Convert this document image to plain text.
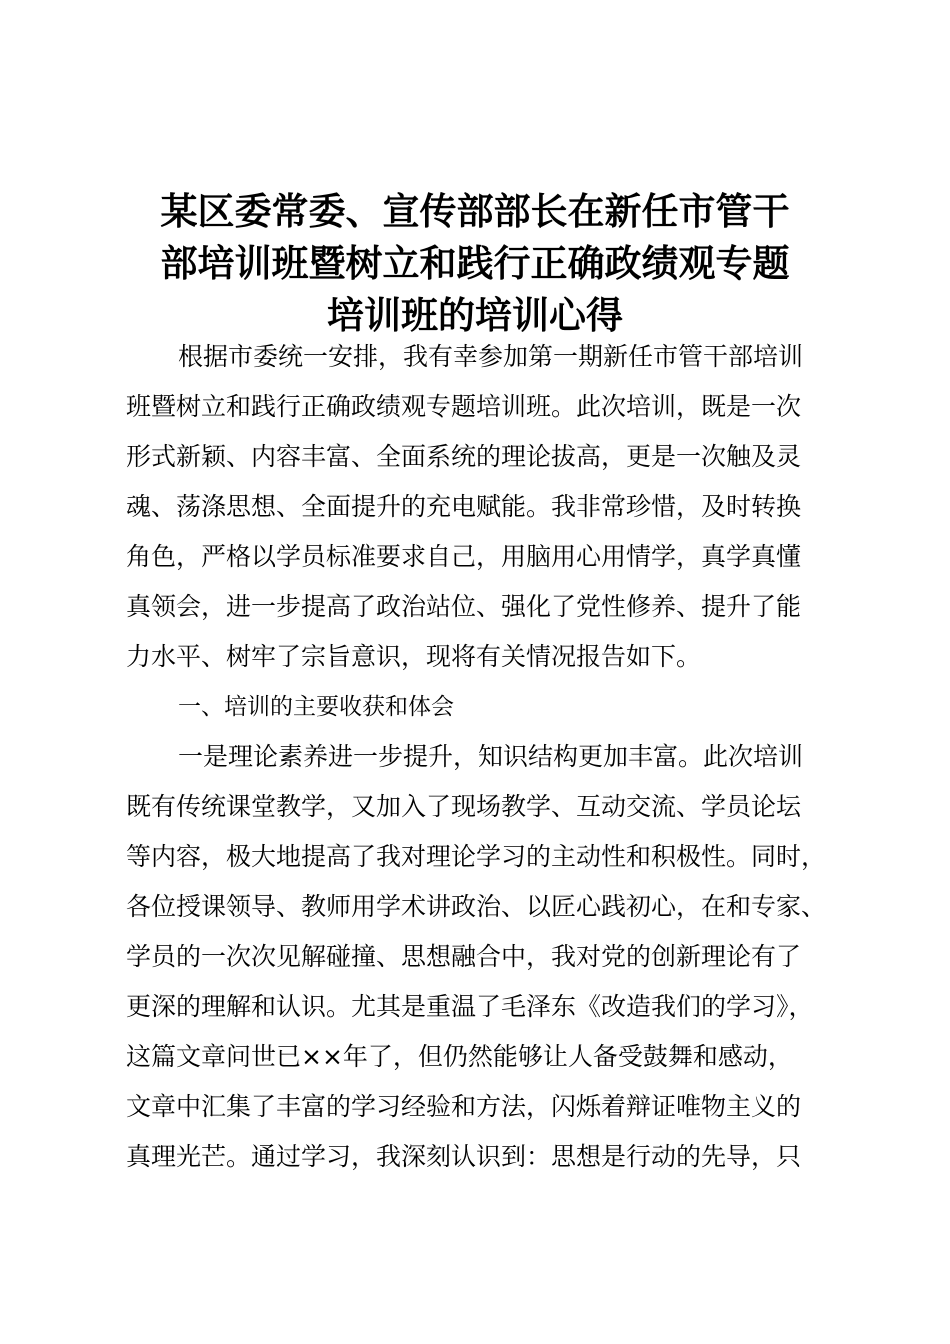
某区委常委、宣传部部长在新任市管干
部培训班暨树立和践行正确政绩观专题
培训班的培训心得
根据市委统一安排，我有幸参加第一期新任市管干部培训
班暨树立和践行正确政绩观专题培训班。此次培训，既是一次
形式新颖、内容丰富、全面系统的理论拔高，更是一次触及灵
魂、荡涤思想、全面提升的充电赋能。我非常珍惜，及时转换
角色，严格以学员标准要求自己，用脑用心用情学，真学真懂
真领会，进一步提高了政治站位、强化了党性修养、提升了能
力水平、树牢了宗旨意识，现将有关情况报告如下。
一、培训的主要收获和体会
一是理论素养进一步提升，知识结构更加丰富。此次培训
既有传统课堂教学，又加入了现场教学、互动交流、学员论坛
等内容，极大地提高了我对理论学习的主动性和积极性。同时，
各位授课领导、教师用学术讲政治、以匠心践初心，在和专家、
学员的一次次见解碰撞、思想融合中，我对党的创新理论有了
更深的理解和认识。尤其是重温了毛泽东《改造我们的学习》，
这篇文章问世已××年了，但仍然能够让人备受鼓舞和感动，
文章中汇集了丰富的学习经验和方法，闪烁着辩证唯物主义的
真理光芒。通过学习，我深刻认识到：思想是行动的先导，只
